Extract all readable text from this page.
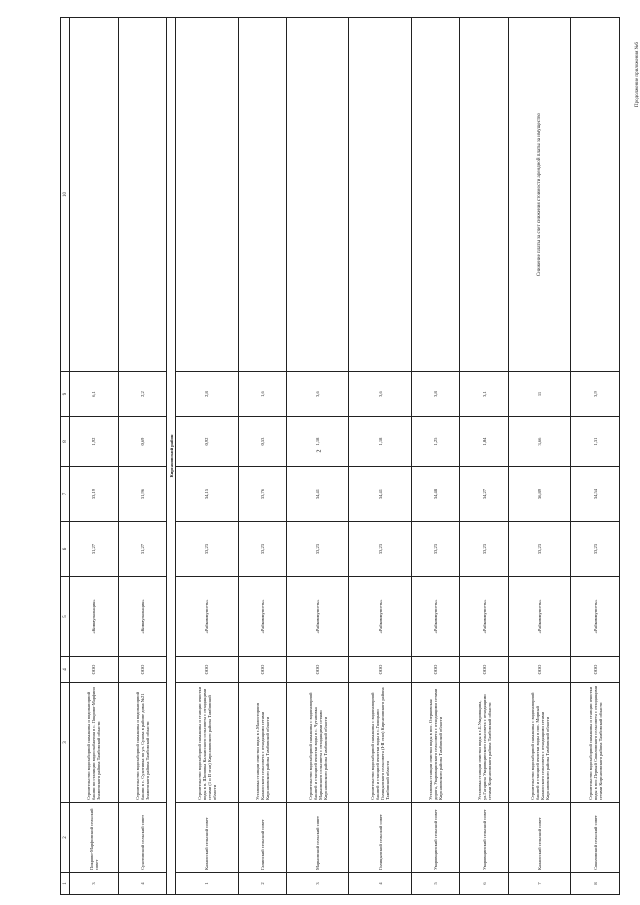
2
Продолжение приложения №6
1	2	3	4	5	6	7	8	9	10
3	Покрово-Марфинский сельский совет	Строительство водозаборной скважины и водонапорной башни по станиции водоснабжения в с. Покрово-Марфино Знаменского района Тамбовской области	ООО	«Коммунальщик»	31,27	33,19	1,92	6,1	
4	Сухотинский сельский совет	Строительство водозаборной скважины и водонапорной башни в с. Сухотинка по ул. Сухова в районе дома №21 Знаменского района Тамбовской области	ООО	«Коммунальщик»	31,27	31,96	0,69	2,2	
Кирсановский район									
1	Калаисский сельский совет	Строительство водозаборной скважины и станции очистки воды в п. Шиповка Калаисского сельсовета с отходящими сетями (1 и II этап) Кирсановского района Тамбовской области	ООО	«Райкоммунсеть»	33,23	34,15	0,92	2,8	
2	Ганинский сельский совет	Установка станции очистки воды в с.Малосторонн Калаисского сельсовета с отходящими сетями Кирсановского района Тамбовской области	ООО	«Райкоммунсеть»	33,23	33,76	0,53	1,6	
3	Марьинский сельский совет	Строительство водозаборной скважины с водонапорной башней и станцией очистки воды в с. Чутановка Марьинского сельсовета с отходящими сетями Кирсановского района Тамбовской области	ООО	«Райкоммунсеть»	33,23	34,41	1,18	3,6	
4	Голицынский сельский совет	Строительство водозаборной скважины с водонапорной башней и станцией очистки воды в с.Голицыно Голицынского сельсовета (I-II этап) Кирсановского района Тамбовской области	ООО	«Райкоммунсеть»	33,23	34,41	1,18	3,6	
5	Уваровщинский сельский совет	Установка станции очистки воды в пос. Озерковская дорога, Уваровщинского сельсовета с отходящими сетями Кирсановского района Тамбовской области	ООО	«Райкоммунсеть»	33,23	34,48	1,25	3,8	
6	Уваровщинский сельский совет	Установка станции очистки воды в с.Б.Уваровщина, ул.Гагарина Уваровщинского сельсовета с отходящими сетями Кирсановского района Тамбовской области	ООО	«Райкоммунсеть»	33,23	34,27	1,04	3,1	
7	Калаисский сельский совет	Строительство водозаборной скважины с водонапорной башней и станцией очистки воды в пос. Мирный Калаисского сельсовета с отходящими сетями Кирсановского района Тамбовской области	ООО	«Райкоммунсеть»	33,23	36,89	3,66	11	Снижение платы за счет снижения стоимости арендной платы за имущество
8	Соколовский сельский совет	Строительство водозаборной скважины и станции очистки воды в пос.Первый Соколовского сельсовета с отходящими сетями Кирсановского района Тамбовской области	ООО	«Райкоммунсеть»	33,23	34,54	1,31	3,9	
